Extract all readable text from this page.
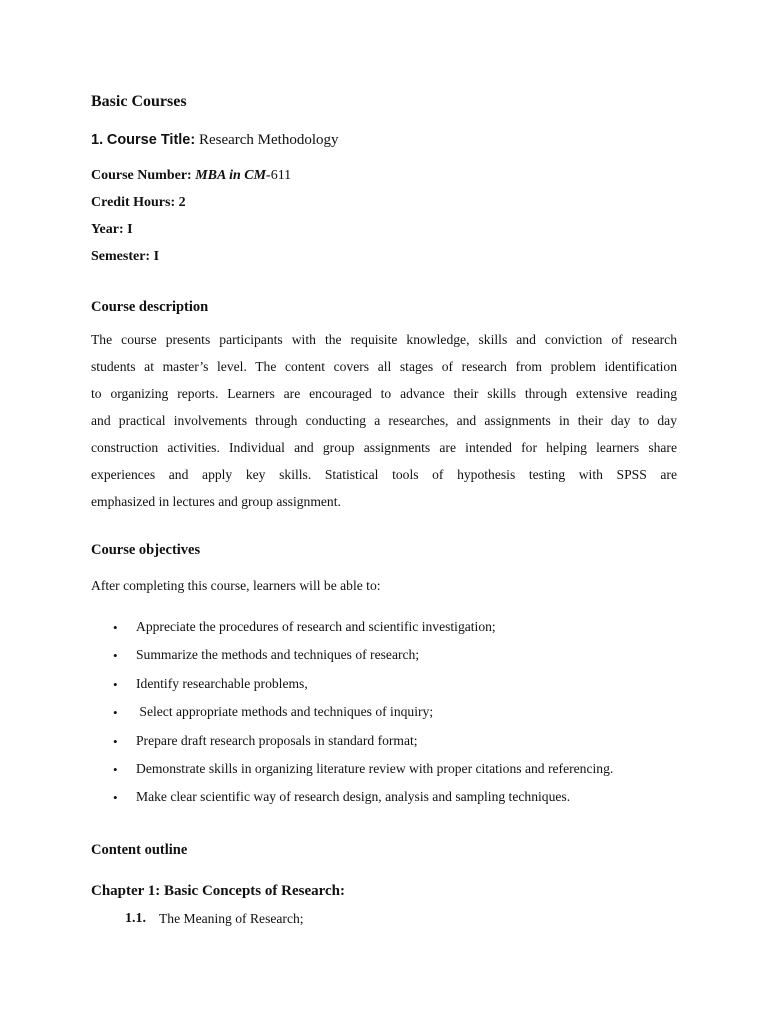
Basic Courses
1. Course Title: Research Methodology
Course Number: MBA in CM-611
Credit Hours: 2
Year: I
Semester: I
Course description
The course presents participants with the requisite knowledge, skills and conviction of research
students at master’s level. The content covers all stages of research from problem identification
to organizing reports. Learners are encouraged to advance their skills through extensive reading
and practical involvements through conducting a researches, and assignments in their day to day
construction activities. Individual and group assignments are intended for helping learners share
experiences and apply key skills. Statistical tools of hypothesis testing with SPSS are
emphasized in lectures and group assignment.
Course objectives
After completing this course, learners will be able to:
• Appreciate the procedures of research and scientific investigation;
• Summarize the methods and techniques of research;
• Identify researchable problems,
• Select appropriate methods and techniques of inquiry;
• Prepare draft research proposals in standard format;
• Demonstrate skills in organizing literature review with proper citations and referencing.
• Make clear scientific way of research design, analysis and sampling techniques.
Content outline
Chapter 1: Basic Concepts of Research:
1.1. The Meaning of Research;
